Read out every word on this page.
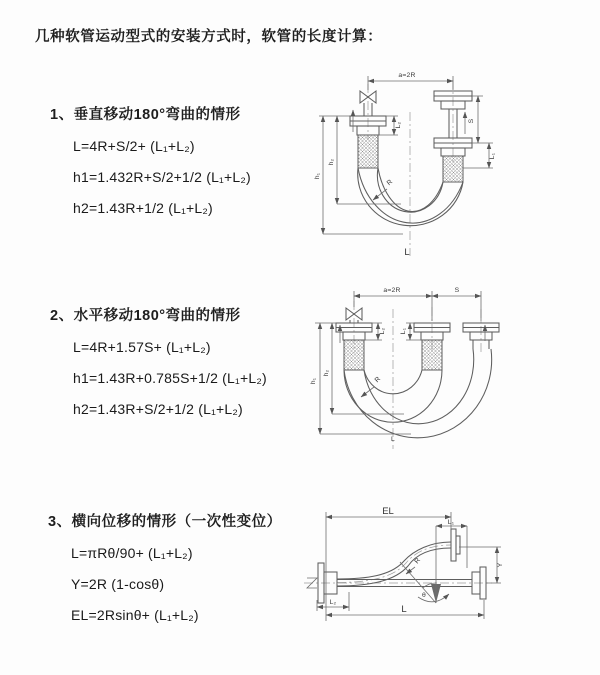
几种软管运动型式的安装方式时，软管的长度计算：
1、垂直移动180°弯曲的情形
L=4R+S/2+ (L₁+L₂)
h1=1.432R+S/2+1/2 (L₁+L₂)
h2=1.43R+1/2 (L₁+L₂)
2、水平移动180°弯曲的情形
L=4R+1.57S+ (L₁+L₂)
h1=1.43R+0.785S+1/2 (L₁+L₂)
h2=1.43R+S/2+1/2 (L₁+L₂)
3、横向位移的情形（一次性变位）
L=πRθ/90+ (L₁+L₂)
Y=2R (1-cosθ)
EL=2Rsinθ+ (L₁+L₂)
a=2R
S
L₁
h₁
h₂
L₂
R
L
a=2R	S
h₁
h₂
L₂ L₁
R
L
EL
L₁
Y
R
θ
L₂
L
